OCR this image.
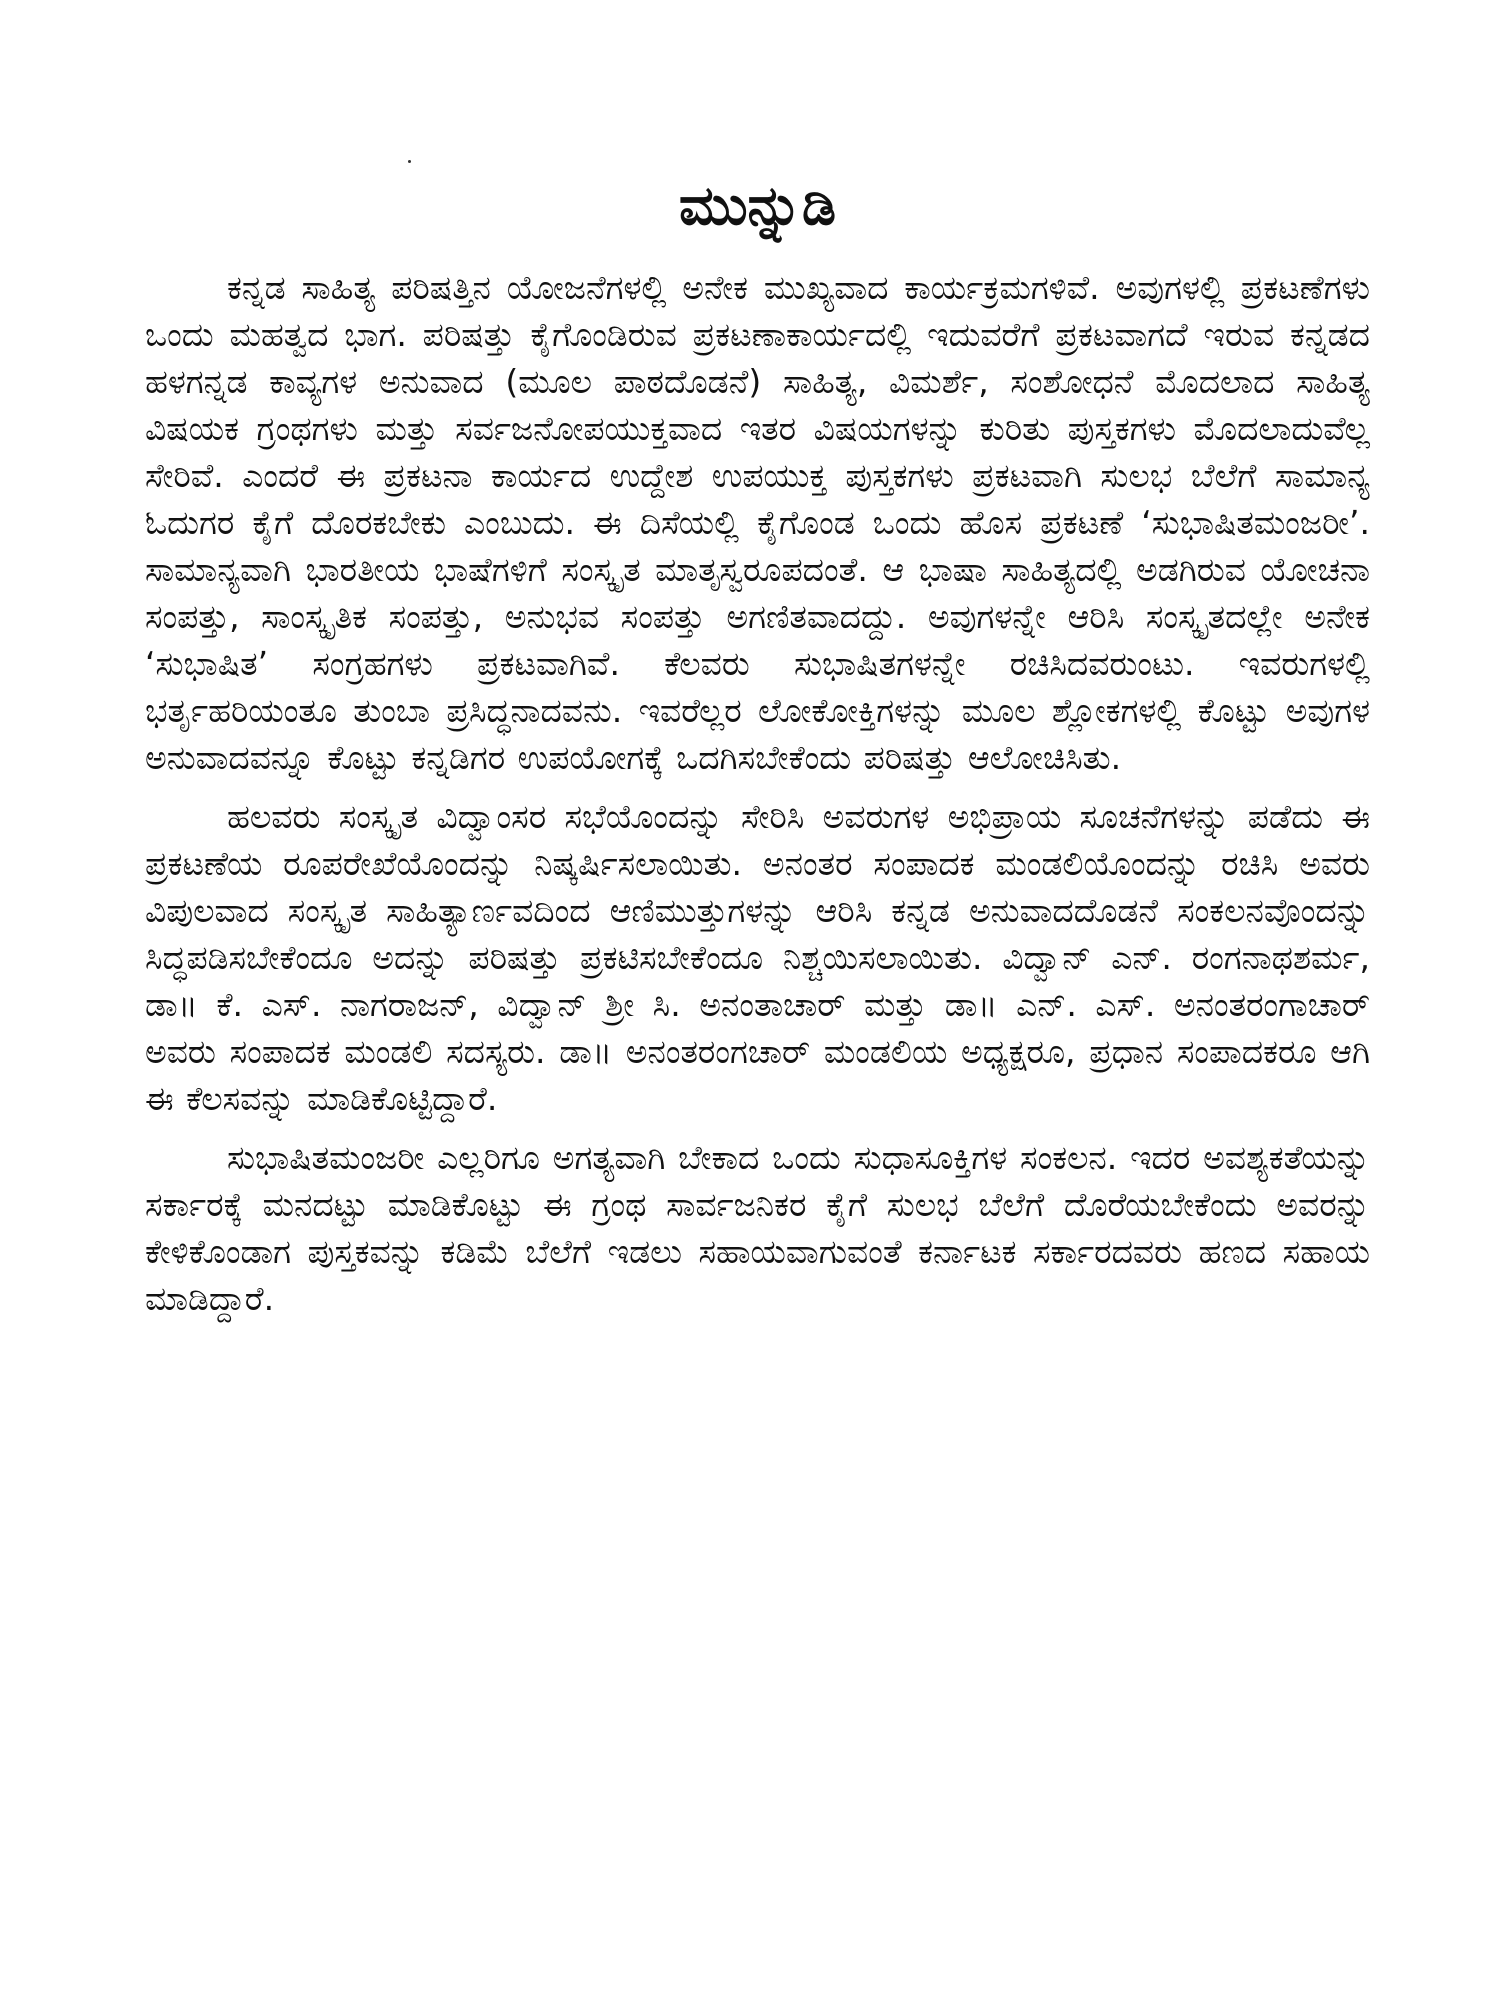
ಮುನ್ನುಡಿ

ಕನ್ನಡ ಸಾಹಿತ್ಯ ಪರಿಷತ್ತಿನ ಯೋಜನೆಗಳಲ್ಲಿ ಅನೇಕ ಮುಖ್ಯವಾದ ಕಾರ್ಯಕ್ರಮಗಳಿವೆ. ಅವುಗಳಲ್ಲಿ ಪ್ರಕಟಣೆಗಳು ಒಂದು ಮಹತ್ವದ ಭಾಗ. ಪರಿಷತ್ತು ಕೈಗೊಂಡಿರುವ ಪ್ರಕಟಣಾಕಾರ್ಯದಲ್ಲಿ ಇದುವರೆಗೆ ಪ್ರಕಟವಾಗದೆ ಇರುವ ಕನ್ನಡದ ಹಳಗನ್ನಡ ಕಾವ್ಯಗಳ ಅನುವಾದ (ಮೂಲ ಪಾಠದೊಡನೆ) ಸಾಹಿತ್ಯ, ವಿಮರ್ಶೆ, ಸಂಶೋಧನೆ ಮೊದಲಾದ ಸಾಹಿತ್ಯ ವಿಷಯಕ ಗ್ರಂಥಗಳು ಮತ್ತು ಸರ್ವಜನೋಪಯುಕ್ತವಾದ ಇತರ ವಿಷಯಗಳನ್ನು ಕುರಿತು ಪುಸ್ತಕಗಳು ಮೊದಲಾದುವೆಲ್ಲ ಸೇರಿವೆ. ಎಂದರೆ ಈ ಪ್ರಕಟನಾ ಕಾರ್ಯದ ಉದ್ದೇಶ ಉಪಯುಕ್ತ ಪುಸ್ತಕಗಳು ಪ್ರಕಟವಾಗಿ ಸುಲಭ ಬೆಲೆಗೆ ಸಾಮಾನ್ಯ ಓದುಗರ ಕೈಗೆ ದೊರಕಬೇಕು ಎಂಬುದು. ಈ ದಿಸೆಯಲ್ಲಿ ಕೈಗೊಂಡ ಒಂದು ಹೊಸ ಪ್ರಕಟಣೆ ‘ಸುಭಾಷಿತಮಂಜರೀ’. ಸಾಮಾನ್ಯವಾಗಿ ಭಾರತೀಯ ಭಾಷೆಗಳಿಗೆ ಸಂಸ್ಕೃತ ಮಾತೃಸ್ವರೂಪದಂತೆ. ಆ ಭಾಷಾ ಸಾಹಿತ್ಯದಲ್ಲಿ ಅಡಗಿರುವ ಯೋಚನಾ ಸಂಪತ್ತು, ಸಾಂಸ್ಕೃತಿಕ ಸಂಪತ್ತು, ಅನುಭವ ಸಂಪತ್ತು ಅಗಣಿತವಾದದ್ದು. ಅವುಗಳನ್ನೇ ಆರಿಸಿ ಸಂಸ್ಕೃತದಲ್ಲೇ ಅನೇಕ ‘ಸುಭಾಷಿತ’ ಸಂಗ್ರಹಗಳು ಪ್ರಕಟವಾಗಿವೆ. ಕೆಲವರು ಸುಭಾಷಿತಗಳನ್ನೇ ರಚಿಸಿದವರುಂಟು. ಇವರುಗಳಲ್ಲಿ ಭರ್ತೃಹರಿಯಂತೂ ತುಂಬಾ ಪ್ರಸಿದ್ಧನಾದವನು. ಇವರೆಲ್ಲರ ಲೋಕೋಕ್ತಿಗಳನ್ನು ಮೂಲ ಶ್ಲೋಕಗಳಲ್ಲಿ ಕೊಟ್ಟು ಅವುಗಳ ಅನುವಾದವನ್ನೂ ಕೊಟ್ಟು ಕನ್ನಡಿಗರ ಉಪಯೋಗಕ್ಕೆ ಒದಗಿಸಬೇಕೆಂದು ಪರಿಷತ್ತು ಆಲೋಚಿಸಿತು.

ಹಲವರು ಸಂಸ್ಕೃತ ವಿದ್ವಾಂಸರ ಸಭೆಯೊಂದನ್ನು ಸೇರಿಸಿ ಅವರುಗಳ ಅಭಿಪ್ರಾಯ ಸೂಚನೆಗಳನ್ನು ಪಡೆದು ಈ ಪ್ರಕಟಣೆಯ ರೂಪರೇಖೆಯೊಂದನ್ನು ನಿಷ್ಕರ್ಷಿಸಲಾಯಿತು. ಅನಂತರ ಸಂಪಾದಕ ಮಂಡಲಿಯೊಂದನ್ನು ರಚಿಸಿ ಅವರು ವಿಪುಲವಾದ ಸಂಸ್ಕೃತ ಸಾಹಿತ್ಯಾರ್ಣವದಿಂದ ಆಣಿಮುತ್ತುಗಳನ್ನು ಆರಿಸಿ ಕನ್ನಡ ಅನುವಾದದೊಡನೆ ಸಂಕಲನವೊಂದನ್ನು ಸಿದ್ಧಪಡಿಸಬೇಕೆಂದೂ ಅದನ್ನು ಪರಿಷತ್ತು ಪ್ರಕಟಿಸಬೇಕೆಂದೂ ನಿಶ್ಚಯಿಸಲಾಯಿತು. ವಿದ್ವಾನ್ ಎನ್. ರಂಗನಾಥಶರ್ಮ, ಡಾ॥ ಕೆ. ಎಸ್. ನಾಗರಾಜನ್, ವಿದ್ವಾನ್ ಶ್ರೀ ಸಿ. ಅನಂತಾಚಾರ್ ಮತ್ತು ಡಾ॥ ಎನ್. ಎಸ್. ಅನಂತರಂಗಾಚಾರ್ ಅವರು ಸಂಪಾದಕ ಮಂಡಲಿ ಸದಸ್ಯರು. ಡಾ॥ ಅನಂತರಂಗಚಾರ್ ಮಂಡಲಿಯ ಅಧ್ಯಕ್ಷರೂ, ಪ್ರಧಾನ ಸಂಪಾದಕರೂ ಆಗಿ ಈ ಕೆಲಸವನ್ನು ಮಾಡಿಕೊಟ್ಟಿದ್ದಾರೆ.

ಸುಭಾಷಿತಮಂಜರೀ ಎಲ್ಲರಿಗೂ ಅಗತ್ಯವಾಗಿ ಬೇಕಾದ ಒಂದು ಸುಧಾಸೂಕ್ತಿಗಳ ಸಂಕಲನ. ಇದರ ಅವಶ್ಯಕತೆಯನ್ನು ಸರ್ಕಾರಕ್ಕೆ ಮನದಟ್ಟು ಮಾಡಿಕೊಟ್ಟು ಈ ಗ್ರಂಥ ಸಾರ್ವಜನಿಕರ ಕೈಗೆ ಸುಲಭ ಬೆಲೆಗೆ ದೊರೆಯಬೇಕೆಂದು ಅವರನ್ನು ಕೇಳಿಕೊಂಡಾಗ ಪುಸ್ತಕವನ್ನು ಕಡಿಮೆ ಬೆಲೆಗೆ ಇಡಲು ಸಹಾಯವಾಗುವಂತೆ ಕರ್ನಾಟಕ ಸರ್ಕಾರದವರು ಹಣದ ಸಹಾಯ ಮಾಡಿದ್ದಾರೆ.
